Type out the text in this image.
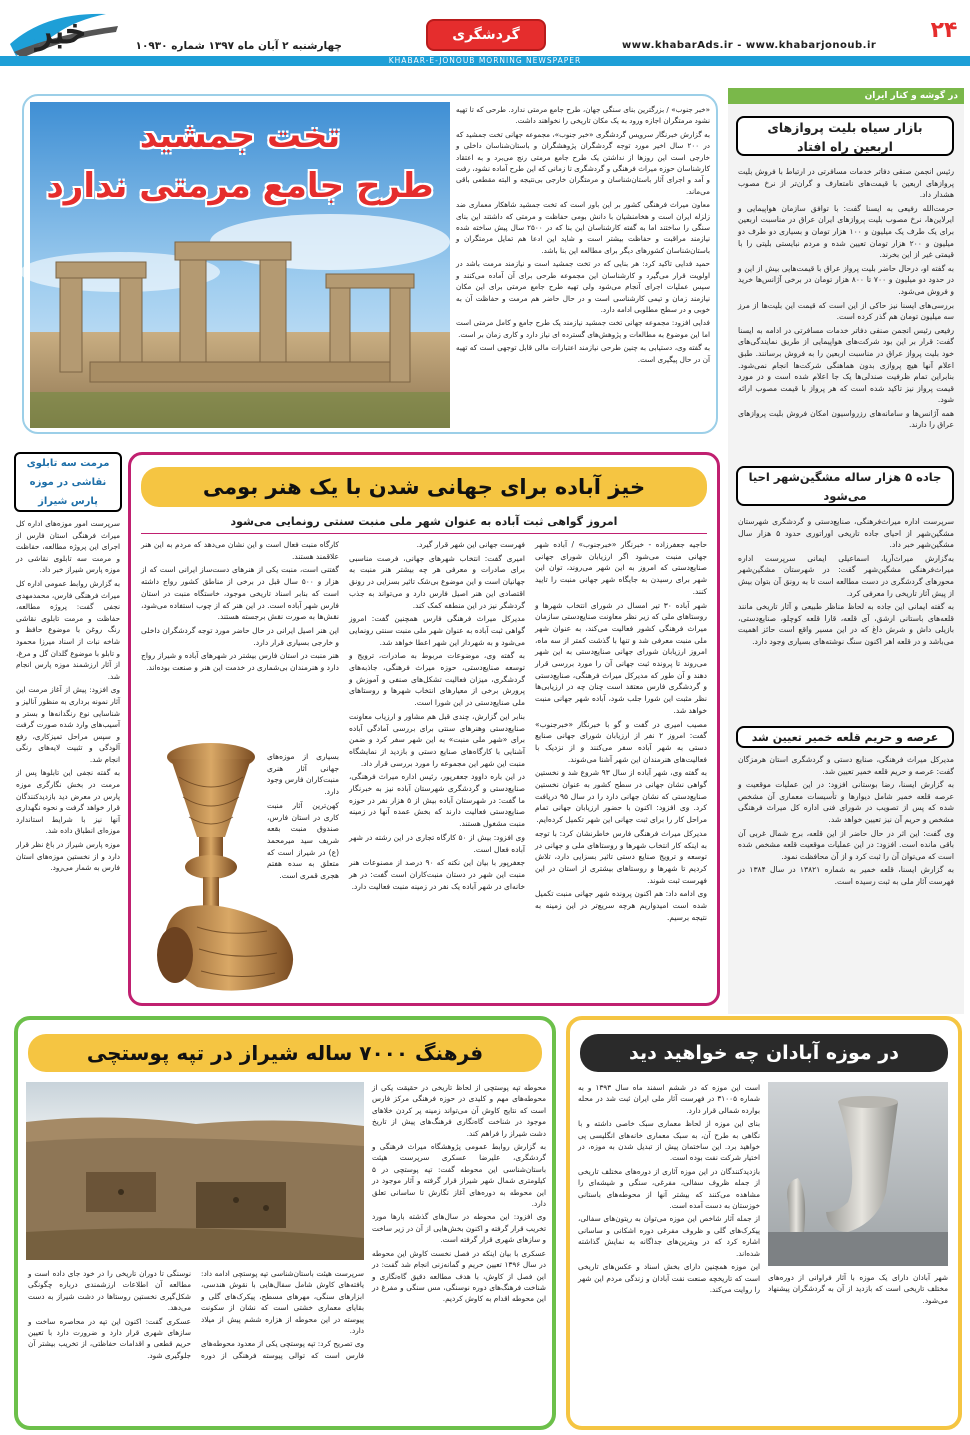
خبر
جنوب	چهارشنبه ۲ آبان ماه ۱۳۹۷ شماره ۱۰۹۳۰
گردشگری
www.khabarAds.ir - www.khabarjonoub.ir
۲۴
KHABAR-E-JONOUB MORNING NEWSPAPER
در گوشه و کنار ایران
بازار سیاه بلیت پروازهای اربعین راه افتاد

رئیس انجمن صنفی دفاتر خدمات مسافرتی در ارتباط با فروش بلیت پروازهای اربعین با قیمت‌های نامتعارف و گران‌تر از نرخ مصوب هشدار داد.

حرمت‌الله رفیعی به ایسنا گفت: با توافق سازمان هواپیمایی و ایرلاین‌ها، نرخ مصوب بلیت پروازهای ایران عراق در مناسبت اربعین برای یک طرف یک میلیون و ۱۰۰ هزار تومان و بسیاری دو طرف دو میلیون و ۲۰۰ هزار تومان تعیین شده و مردم نبایستی بلیتی را با قیمتی غیر از این بخرند.

به گفته او، درحال حاضر بلیت پرواز عراق با قیمت‌هایی بیش از این و در حدود دو میلیون و ۷۰۰ تا ۸۰۰ هزار تومان در برخی آژانس‌ها خرید و فروش می‌شود.

بررسی‌های ایسنا نیز حاکی از این است که قیمت این بلیت‌ها از مرز سه میلیون تومان هم گذر کرده است.

رفیعی رئیس انجمن صنفی دفاتر خدمات مسافرتی در ادامه به ایسنا گفت: قرار بر این بود شرکت‌های هواپیمایی از طریق نمایندگی‌های خود بلیت پرواز عراق در مناسبت اربعین را به فروش برسانند. طبق اعلام آنها هیچ پروازی بدون هماهنگی شرکت‌ها انجام نمی‌شود. بنابراین تمام ظرفیت صندلی‌ها یک جا اعلام شده است و در مورد قیمت پرواز نیز تاکید شده است که هر پرواز با قیمت مصوب ارائه شود.

همه آژانس‌ها و سامانه‌های رزرواسیون امکان فروش بلیت پروازهای عراق را دارند.

جاده ۵ هزار ساله مشگین‌شهر احیا می‌شود

سرپرست اداره میراث‌فرهنگی، صنایع‌دستی و گردشگری شهرستان مشگین‌شهر از احیای جاده تاریخی اوراتوری حدود ۵ هزار سال مشگین‌شهر خبر داد.

به‌گزارش میراث‌آریا، اسماعیلی ایمانی سرپرست اداره میراث‌فرهنگی مشگین‌شهر گفت: در شهرستان مشگین‌شهر محورهای گردشگری در دست مطالعه است تا به رونق آن بتوان بیش از پیش آثار تاریخی را معرفی کرد.

به گفته ایمانی این جاده به لحاظ مناظر طبیعی و آثار تاریخی مانند قلعه‌های باستانی ارشق، آی قلعه، قارا قلعه کوچلو، صنایع‌دستی، بازیلی داش و شرش داغ که در این مسیر واقع است حائز اهمیت می‌باشد و در قلعه اهر اکنون سنگ نوشته‌های بسیاری وجود دارد.

عرصه و حریم قلعه خمیر تعیین شد

مدیرکل میراث فرهنگی، صنایع دستی و گردشگری استان هرمزگان گفت: عرصه و حریم قلعه خمیر تعیین شد.

به گزارش ایسنا، رضا بوستانی افزود: در این عملیات موقعیت و عرصه قلعه خمیر شامل دیوارها و تأسیسات معماری آن مشخص شده که پس از تصویب در شورای فنی اداره کل میراث فرهنگی مشخص و حریم آن نیز تعیین خواهد شد.

وی گفت: این اثر در حال حاضر از این قلعه، برج شمال غربی آن باقی مانده است. افزود: در این عملیات موقعیت قلعه مشخص شده است که می‌توان آن را ثبت کرد و از آن محافظت نمود.

به گزارش ایسنا، قلعه خمیر به شماره ۱۳۸۲۱ در سال ۱۳۸۴ در فهرست آثار ملی به ثبت رسیده است.

تخت جمشید
طرح جامع مرمتی ندارد

«خبر جنوب» / بزرگترین بنای سنگی جهان، طرح جامع مرمتی ندارد. طرحی که تا تهیه نشود مرمتگران اجازه ورود به یک مکان تاریخی را نخواهند داشت.

به گزارش خبرنگار سرویس گردشگری «خبر جنوب»، مجموعه جهانی تخت جمشید که در ۲۰۰ سال اخیر مورد توجه گردشگران پژوهشگران و باستان‌شناسان داخلی و خارجی است این روزها از نداشتن یک طرح جامع مرمتی رنج می‌برد و به اعتقاد کارشناسان حوزه میراث فرهنگی و گردشگری تا زمانی که این طرح آماده نشود، رفت و آمد و اجرای آثار باستان‌شناسان و مرمتگران خارجی بی‌نتیجه و البته مقطعی باقی می‌ماند.

معاون میراث فرهنگی کشور بر این باور است که تخت جمشید شاهکار معماری ضد زلزله ایران است و هخامنشیان با دانش بومی حفاظت و مرمتی که داشتند این بنای سنگی را ساختند اما به گفته کارشناسان این بنا که در ۲۵۰۰ سال پیش ساخته شده نیازمند مراقبت و حفاظت بیشتر است و شاید این ادعا هم تمایل مرمتگران و باستان‌شناسان کشورهای دیگر برای مطالعه این بنا باشد.

حمید فدایی تاکید کرد: هر بنایی که در تخت جمشید است و نیازمند مرمت باشد در اولویت قرار می‌گیرد و کارشناسان این مجموعه طرحی برای آن آماده می‌کنند و سپس عملیات اجرای آنجام می‌شود ولی تهیه طرح جامع مرمتی برای این مکان نیازمند زمان و تیمی کارشناسی است و در حال حاضر هم مرمت و حفاظت آن به خوبی و در سطح مطلوبی ادامه دارد.

فدایی افزود: مجموعه جهانی تخت جمشید نیازمند یک طرح جامع و کامل مرمتی است اما این موضوع به مطالعات و پژوهش‌های گسترده ای نیاز دارد و کاری زمان بر است.

به گفته وی، دستیابی به چنین طرحی نیازمند اعتبارات مالی قابل توجهی است که تهیه آن در حال پیگیری است.

مرمت سه تابلوی نقاشی در موزه پارس شیراز

سرپرست امور موزه‌های اداره کل میراث فرهنگی استان فارس از اجرای این پروژه مطالعه، حفاظت و مرمت سه تابلوی نقاشی در موزه پارس شیراز خبر داد.

به گزارش روابط عمومی اداره کل میراث فرهنگی فارس، محمدمهدی نجفی گفت: پروژه مطالعه، حفاظت و مرمت تابلوی نقاشی رنگ روغن با موضوع حافظ و شاخه نبات از اسناد میرزا محمود و تابلو با موضوع گلدان گل و مرغ، از آثار ارزشمند موزه پارس انجام شد.

وی افزود: پیش از آغاز مرمت این آثار نمونه برداری به منظور آنالیز و شناسایی نوع رنگدانه‌ها و بستر و آسیب‌های وارد شده صورت گرفت و سپس مراحل تمیزکاری، رفع آلودگی و تثبیت لایه‌های رنگی انجام شد.

به گفته نجفی این تابلوها پس از مرمت در بخش نگارگری موزه پارس در معرض دید بازدیدکنندگان قرار خواهد گرفت و نحوه نگهداری آنها نیز با شرایط استاندارد موزه‌ای انطباق داده شد.

موزه پارس شیراز در باغ نظر قرار دارد و از نخستین موزه‌های استان فارس به شمار می‌رود.

خیز آباده برای جهانی شدن با یک هنر بومی
امروز گواهی ثبت آباده به عنوان شهر ملی منبت سنتی رونمایی می‌شود

حاجیه جعفرزاده - خبرنگار «خبرجنوب» / آباده شهر جهانی منبت می‌شود اگر ارزیابان شورای جهانی صنایع‌دستی که امروز به این شهر می‌روند، توان این شهر برای رسیدن به جایگاه شهر جهانی منبت را تایید کنند.

شهر آباده ۳۰ تیر امسال در شورای انتخاب شهرها و روستاهای ملی که زیر نظر معاونت صنایع‌دستی سازمان میراث فرهنگی کشور فعالیت می‌کند، به عنوان شهر ملی منبت معرفی شد و تنها با گذشت کمتر از سه ماه، امروز ارزیابان شورای جهانی صنایع‌دستی به این شهر می‌روند تا پرونده ثبت جهانی آن را مورد بررسی قرار دهند و آن طور که مدیرکل میراث فرهنگی، صنایع‌دستی و گردشگری فارس معتقد است چنان چه در ارزیابی‌ها نظر مثبت این شورا جلب شود، آباده شهر جهانی منبت خواهد شد.

مصیب امیری در گفت و گو با خبرنگار «خبرجنوب» گفت: امروز ۲ نفر از ارزیابان شورای جهانی صنایع دستی به شهر آباده سفر می‌کنند و از نزدیک با فعالیت‌های هنرمندان این شهر آشنا می‌شوند.

به گفته وی، شهر آباده از سال ۹۳ شروع شد و نخستین گواهی نشان جهانی در سطح کشور به عنوان نخستین صنایع‌دستی که نشان جهانی دارد را در سال ۹۵ دریافت کرد. وی افزود: اکنون با حضور ارزیابان جهانی تمام مراحل کار را برای ثبت جهانی این شهر تکمیل کرده‌ایم.

مدیرکل میراث فرهنگی فارس خاطرنشان کرد: با توجه به اینکه کار انتخاب شهرها و روستاهای ملی و جهانی در توسعه و ترویج صنایع دستی تاثیر بسزایی دارد، تلاش کردیم تا شهرها و روستاهای بیشتری از استان در این فهرست ثبت شوند.

وی ادامه داد: هم اکنون پرونده شهر جهانی منبت تکمیل شده است امیدواریم هرچه سریع‌تر در این زمینه به نتیجه برسیم.

فهرست جهانی این شهر قرار گیرد.

امیری گفت: انتخاب شهرهای جهانی، فرصت مناسبی برای صادرات و معرفی هر چه بیشتر هنر منبت به جهانیان است و این موضوع بی‌شک تاثیر بسزایی در رونق اقتصادی این هنر اصیل فارس دارد و می‌تواند به جذب گردشگر نیز در این منطقه کمک کند.

مدیرکل میراث فرهنگی فارس همچنین گفت: امروز گواهی ثبت آباده به عنوان شهر ملی منبت سنتی رونمایی می‌شود و به شهردار این شهر اعطا خواهد شد.

به گفته وی، موضوعات مربوط به صادرات، ترویج و توسعه صنایع‌دستی، حوزه میراث فرهنگی، جاذبه‌های گردشگری، میزان فعالیت تشکل‌های صنفی و آموزش و پرورش برخی از معیارهای انتخاب شهرها و روستاهای ملی صنایع‌دستی در این شورا است.

بنابر این گزارش، چندی قبل هم مشاور و ارزیاب معاونت صنایع‌دستی وهنرهای سنتی برای بررسی آمادگی آباده برای «شهر ملی منبت» به این شهر سفر کرد و ضمن آشنایی با کارگاه‌های صنایع دستی و بازدید از نمایشگاه منبت این شهر این مجموعه را مورد بررسی قرار داد.

در این باره داوود جعفرپور، رئیس اداره میراث فرهنگی، صنایع‌دستی و گردشگری شهرستان آباده نیز به خبرنگار ما گفت: در شهرستان آباده بیش از ۵ هزار نفر در حوزه صنایع‌دستی فعالیت دارند که بخش عمده آنها در زمینه منبت مشغول هستند.

وی افزود: بیش از ۵۰ کارگاه تجاری در این رشته در شهر آباده فعال است.

جعفرپور با بیان این نکته که ۹۰ درصد از مصنوعات هنر منبت این شهر در دستان منبت‌کاران است گفت: در هر خانه‌ای در شهر آباده یک نفر در زمینه منبت فعالیت دارد.

کارگاه منبت فعال است و این نشان می‌دهد که مردم به این هنر علاقمند هستند.

گفتنی است، منبت یکی از هنرهای دست‌ساز ایرانی است که از هزار و ۵۰۰ سال قبل در برخی از مناطق کشور رواج داشته است که بنابر اسناد تاریخی موجود، خاستگاه منبت در استان فارس شهر آباده است. در این هنر که از چوب استفاده می‌شود، نقش‌ها به صورت نقش برجسته هستند.

این هنر اصیل ایرانی در حال حاضر مورد توجه گردشگران داخلی و خارجی بسیاری قرار دارد.

هنر منبت در استان فارس بیشتر در شهرهای آباده و شیراز رواج دارد و هنرمندان بی‌شماری در خدمت این هنر و صنعت بوده‌اند.

بسیاری از موزه‌های جهانی آثار هنری منبت‌کاران فارس وجود دارد.

کهن‌ترین آثار منبت کاری در استان فارس، صندوق منبت بقعه شریف سید میرمحمد (ع) در شیراز است که متعلق به سده هفتم هجری قمری است.

فرهنگ ۷۰۰۰ ساله شیراز در تپه پوستچی

محوطه تپه پوستچی از لحاظ تاریخی در حقیقت یکی از محوطه‌های مهم و کلیدی در حوزه فرهنگی مرکز فارس است که نتایج کاوش آن می‌تواند زمینه پر کردن خلا‌های موجود در شناخت گاه‌نگاری فرهنگ‌های پیش از تاریخ دشت شیراز را فراهم کند.

به گزارش روابط عمومی پژوهشگاه میراث فرهنگی و گردشگری، علیرضا عسکری سرپرست هیئت باستان‌شناسی این محوطه گفت: تپه پوستچی در ۵ کیلومتری شمال شهر شیراز قرار گرفته و آثار موجود در این محوطه به دوره‌های آغاز نگارش تا ساسانی تعلق دارد.

وی افزود: این محوطه در سال‌های گذشته بارها مورد تخریب قرار گرفته و اکنون بخش‌هایی از آن در زیر ساخت و سازهای شهری قرار گرفته است.

عسکری با بیان اینکه در فصل نخست کاوش این محوطه در سال ۱۳۹۶ تعیین حریم و گمانه‌زنی انجام شد گفت: در این فصل از کاوش، با هدف مطالعه دقیق گاه‌نگاری و شناخت فرهنگ‌های دوره نوسنگی، مس سنگی و مفرغ در این محوطه اقدام به کاوش کردیم.

سرپرست هیئت باستان‌شناسی تپه پوستچی ادامه داد: یافته‌های کاوش شامل سفال‌هایی با نقوش هندسی، ابزارهای سنگی، مهرهای مسطح، پیکرک‌های گلی و بقایای معماری خشتی است که نشان از سکونت پیوسته در این محوطه از هزاره ششم پیش از میلاد دارد.

وی تصریح کرد: تپه پوستچی یکی از معدود محوطه‌های فارس است که توالی پیوسته فرهنگی از دوره نوسنگی تا دوران تاریخی را در خود جای داده است و مطالعه آن اطلاعات ارزشمندی درباره چگونگی شکل‌گیری نخستین روستاها در دشت شیراز به دست می‌دهد.

عسکری گفت: اکنون این تپه در محاصره ساخت و سازهای شهری قرار دارد و ضرورت دارد با تعیین حریم قطعی و اقدامات حفاظتی، از تخریب بیشتر آن جلوگیری شود.

در موزه آبادان چه خواهید دید

است این موزه که در ششم اسفند ماه سال ۱۳۹۳ و به شماره ۳۱۰۰۵ در فهرست آثار ملی ایران ثبت شد در محله بوارده شمالی قرار دارد.

بنای این موزه از لحاظ معماری سبک خاصی داشته و با نگاهی به طرح آن، به سبک معماری خانه‌های انگلیسی پی خواهید برد. این ساختمان پیش از تبدیل شدن به موزه، در اختیار شرکت نفت بوده است.

بازدیدکنندگان در این موزه آثاری از دوره‌های مختلف تاریخی از جمله ظروف سفالی، مفرغی، سنگی و شیشه‌ای را مشاهده می‌کنند که بیشتر آنها از محوطه‌های باستانی خوزستان به دست آمده است.

از جمله آثار شاخص این موزه می‌توان به ریتون‌های سفالی، پیکرک‌های گلی و ظروف مفرغی دوره اشکانی و ساسانی اشاره کرد که در ویترین‌های جداگانه به نمایش گذاشته شده‌اند.

این موزه همچنین دارای بخش اسناد و عکس‌های تاریخی است که تاریخچه صنعت نفت آبادان و زندگی مردم این شهر را روایت می‌کند.

شهر آبادان دارای یک موزه با آثار فراوانی از دوره‌های مختلف تاریخی است که بازدید از آن به گردشگران پیشنهاد می‌شود.
